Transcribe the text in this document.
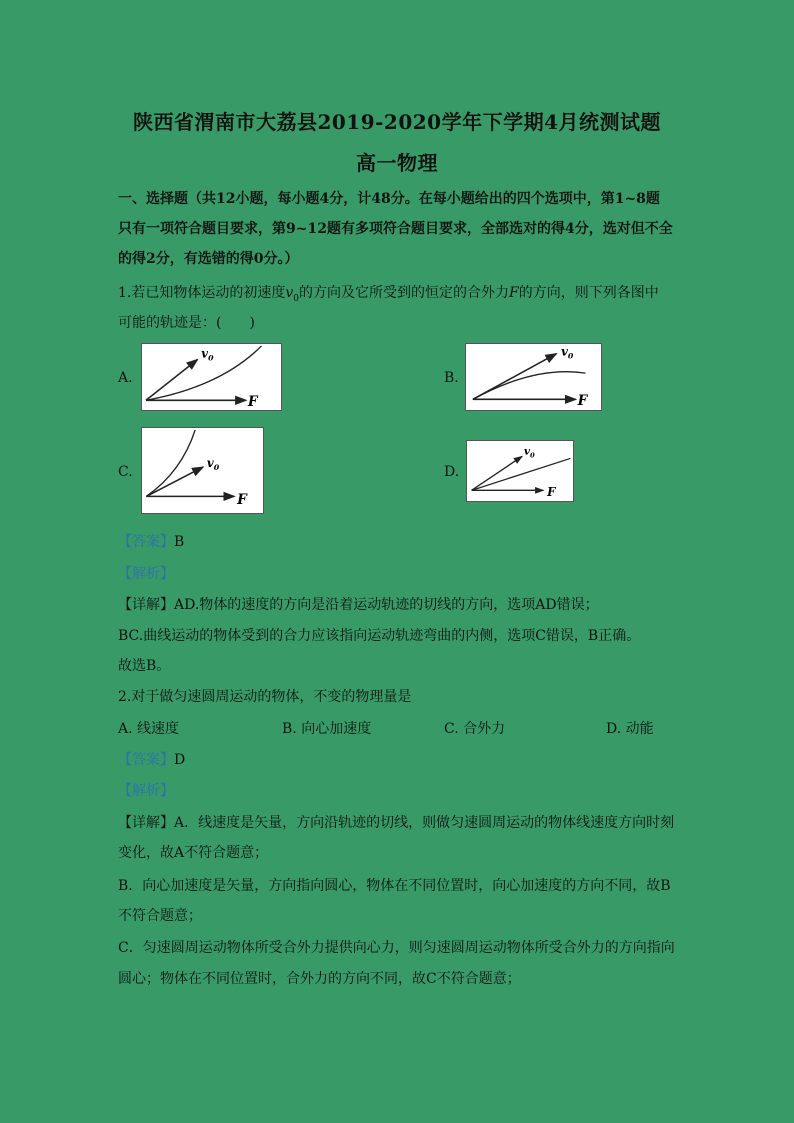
陕西省渭南市大荔县2019-2020学年下学期4月统测试题
高一物理
一、选择题（共12小题，每小题4分，计48分。在每小题给出的四个选项中，第1~8题
只有一项符合题目要求，第9~12题有多项符合题目要求，全部选对的得4分，选对但不全
的得2分，有选错的得0分。）
1.若已知物体运动的初速度$v_0$的方向及它所受到的恒定的合外力F的方向，则下列各图中
可能的轨迹是：(　　)
A.
F
$v_0$
B.
F
$v_0$
C.
F
$v_0$	D.
F
$v_0$
【答案】B
【解析】
【详解】AD.物体的速度的方向是沿着运动轨迹的切线的方向，选项AD错误；
BC.曲线运动的物体受到的合力应该指向运动轨迹弯曲的内侧，选项C错误，B正确。
故选B。
2.对于做匀速圆周运动的物体，不变的物理量是
A. 线速度	B. 向心加速度	C. 合外力	D. 动能
【答案】D
【解析】
【详解】A．线速度是矢量，方向沿轨迹的切线，则做匀速圆周运动的物体线速度方向时刻
变化，故A不符合题意；
B．向心加速度是矢量，方向指向圆心，物体在不同位置时，向心加速度的方向不同，故B
不符合题意；
C．匀速圆周运动物体所受合外力提供向心力，则匀速圆周运动物体所受合外力的方向指向
圆心；物体在不同位置时，合外力的方向不同，故C不符合题意；
